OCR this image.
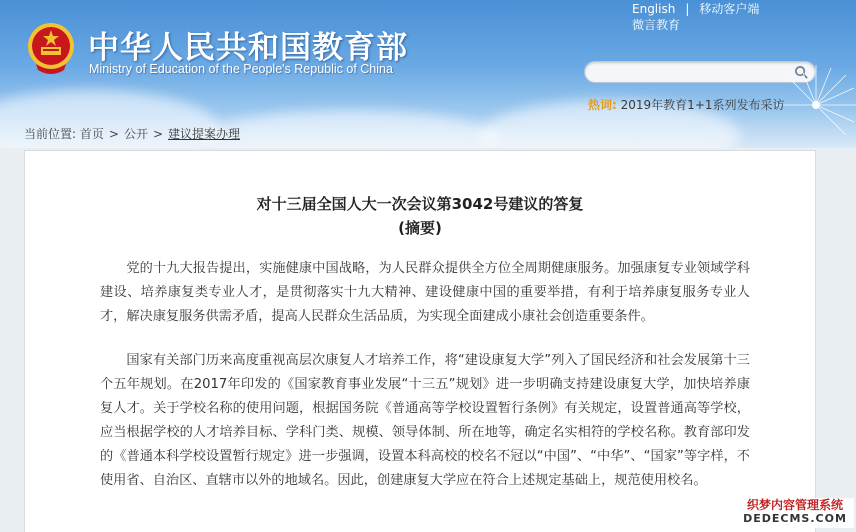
中华人民共和国教育部
Ministry of Education of the People's Republic of China
English | 移动客户端
微言教育
热词: 2019年教育1+1系列发布采访
当前位置: 首页 > 公开 > 建议提案办理
对十三届全国人大一次会议第3042号建议的答复
(摘要)

党的十九大报告提出，实施健康中国战略，为人民群众提供全方位全周期健康服务。加强康复专业领域学科建设、培养康复类专业人才，是贯彻落实十九大精神、建设健康中国的重要举措，有利于培养康复服务专业人才，解决康复服务供需矛盾，提高人民群众生活品质，为实现全面建成小康社会创造重要条件。

国家有关部门历来高度重视高层次康复人才培养工作，将“建设康复大学”列入了国民经济和社会发展第十三个五年规划。在2017年印发的《国家教育事业发展“十三五”规划》进一步明确支持建设康复大学，加快培养康复人才。关于学校名称的使用问题，根据国务院《普通高等学校设置暂行条例》有关规定，设置普通高等学校，应当根据学校的人才培养目标、学科门类、规模、领导体制、所在地等，确定名实相符的学校名称。教育部印发的《普通本科学校设置暂行规定》进一步强调，设置本科高校的校名不冠以“中国”、“中华”、“国家”等字样，不使用省、自治区、直辖市以外的地域名。因此，创建康复大学应在符合上述规定基础上，规范使用校名。

织梦内容管理系统
DEDECMS.COM
